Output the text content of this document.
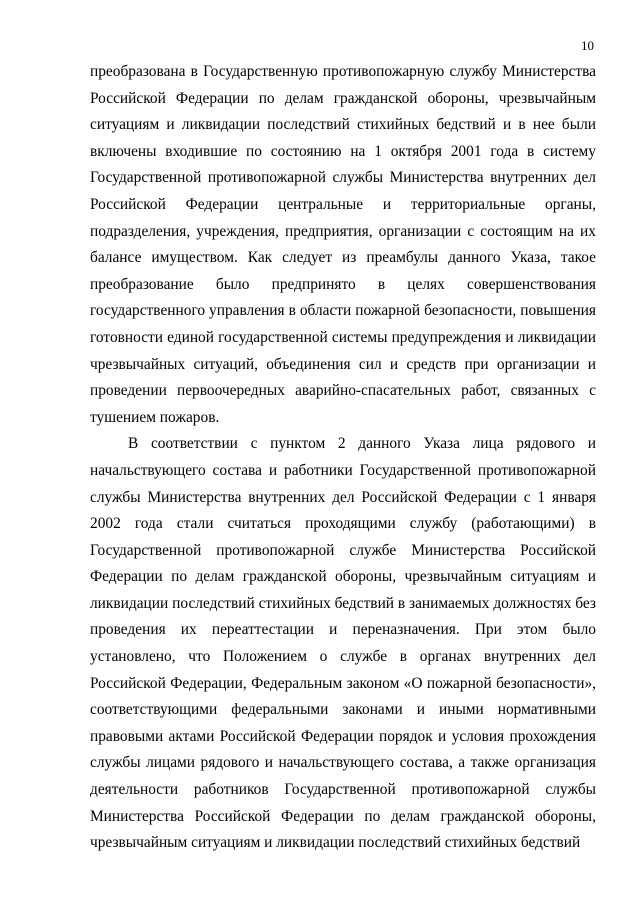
10

преобразована в Государственную противопожарную службу Министерства Российской Федерации по делам гражданской обороны, чрезвычайным ситуациям и ликвидации последствий стихийных бедствий и в нее были включены входившие по состоянию на 1 октября 2001 года в систему Государственной противопожарной службы Министерства внутренних дел Российской Федерации центральные и территориальные органы, подразделения, учреждения, предприятия, организации с состоящим на их балансе имуществом. Как следует из преамбулы данного Указа, такое преобразование было предпринято в целях совершенствования государственного управления в области пожарной безопасности, повышения готовности единой государственной системы предупреждения и ликвидации чрезвычайных ситуаций, объединения сил и средств при организации и проведении первоочередных аварийно-спасательных работ, связанных с тушением пожаров.

В соответствии с пунктом 2 данного Указа лица рядового и начальствующего состава и работники Государственной противопожарной службы Министерства внутренних дел Российской Федерации с 1 января 2002 года стали считаться проходящими службу (работающими) в Государственной противопожарной службе Министерства Российской Федерации по делам гражданской обороны, чрезвычайным ситуациям и ликвидации последствий стихийных бедствий в занимаемых должностях без проведения их переаттестации и переназначения. При этом было установлено, что Положением о службе в органах внутренних дел Российской Федерации, Федеральным законом «О пожарной безопасности», соответствующими федеральными законами и иными нормативными правовыми актами Российской Федерации порядок и условия прохождения службы лицами рядового и начальствующего состава, а также организация деятельности работников Государственной противопожарной службы Министерства Российской Федерации по делам гражданской обороны, чрезвычайным ситуациям и ликвидации последствий стихийных бедствий
